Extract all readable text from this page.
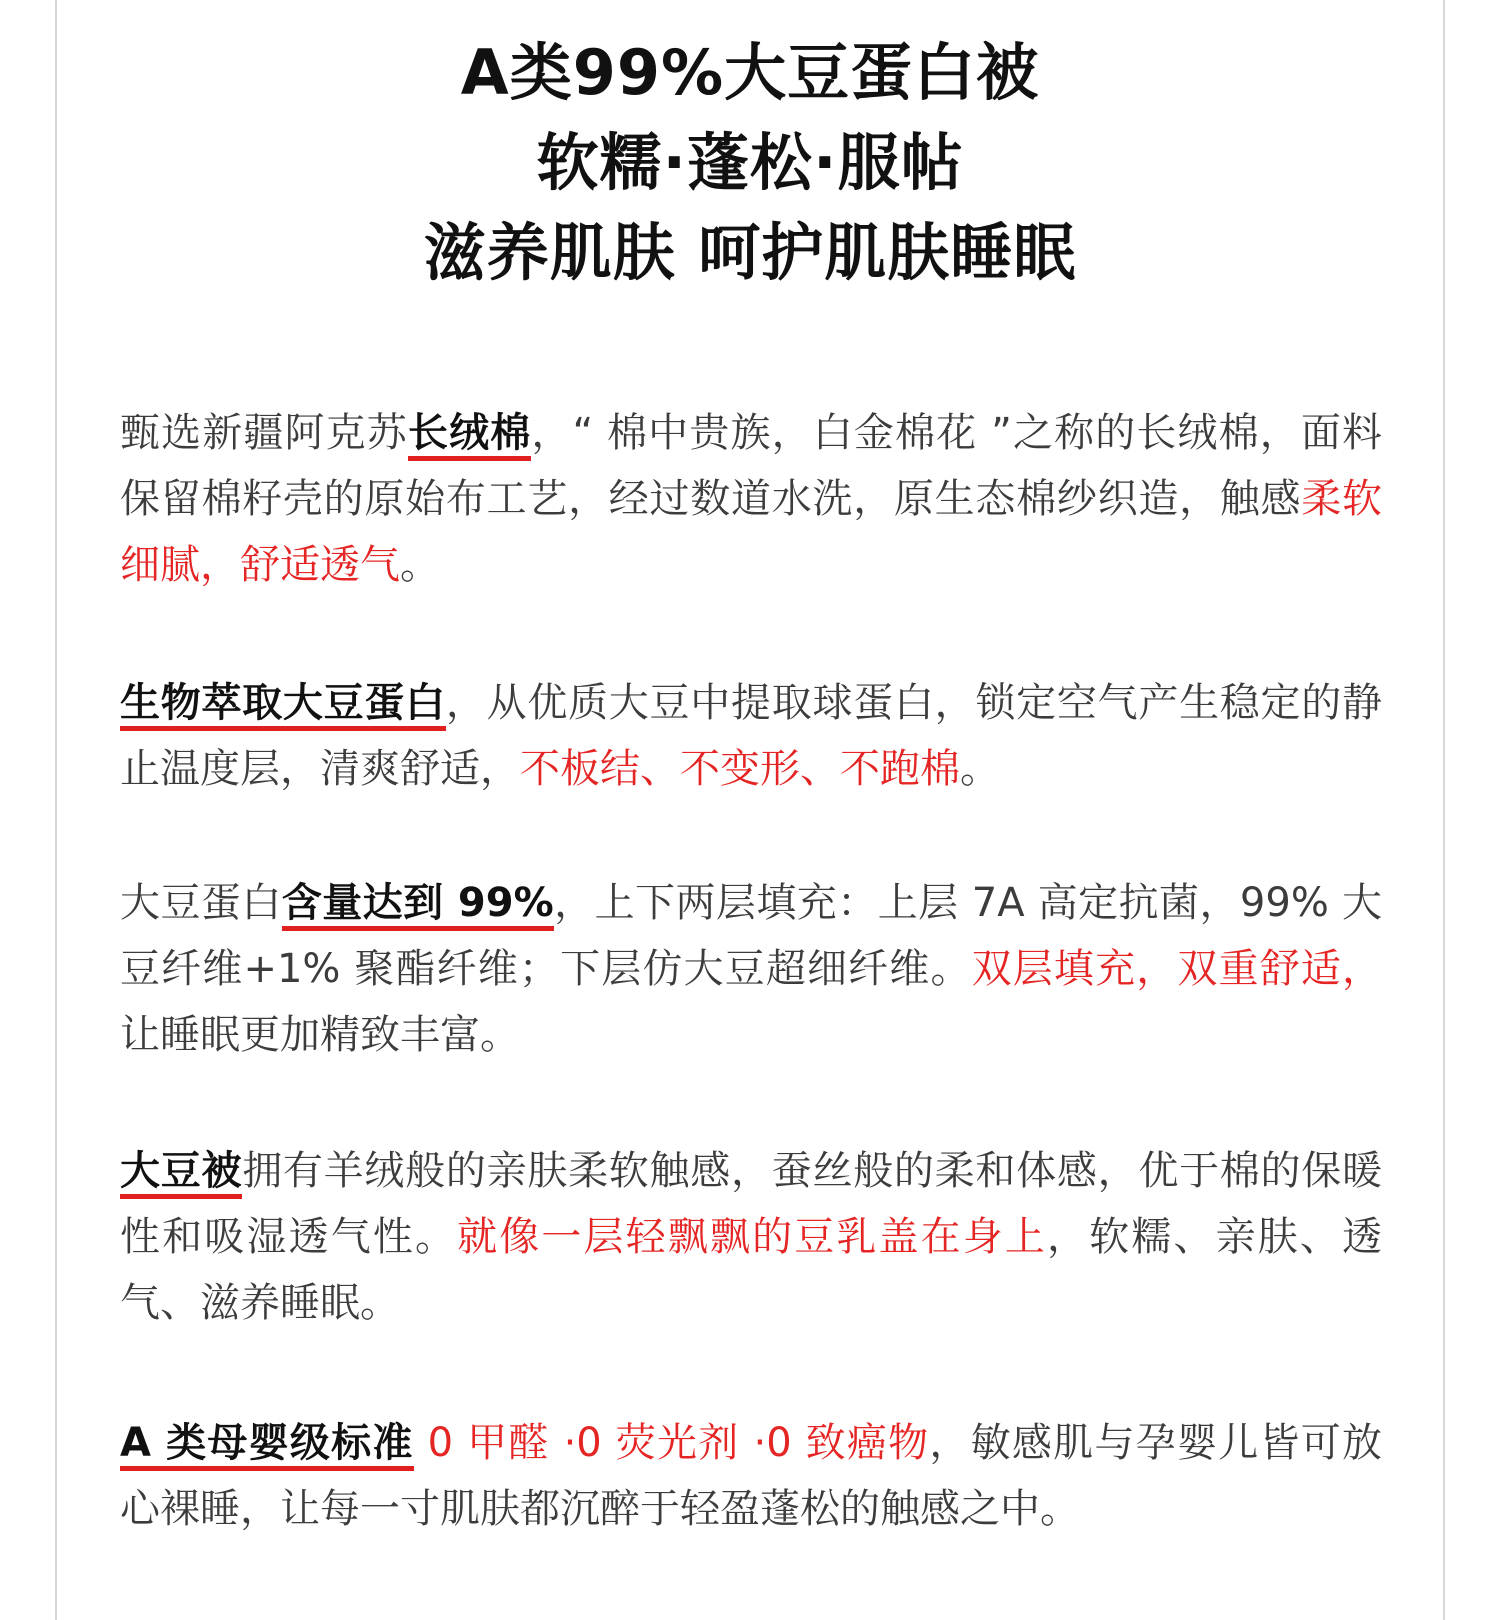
A类99%大豆蛋白被
软糯·蓬松·服帖
滋养肌肤 呵护肌肤睡眠
甄选新疆阿克苏长绒棉，“ 棉中贵族，白金棉花 ”之称的长绒棉，面料保留棉籽壳的原始布工艺，经过数道水洗，原生态棉纱织造，触感柔软细腻，舒适透气。
生物萃取大豆蛋白，从优质大豆中提取球蛋白，锁定空气产生稳定的静止温度层，清爽舒适，不板结、不变形、不跑棉。
大豆蛋白含量达到 99%，上下两层填充：上层 7A 高定抗菌，99% 大豆纤维+1% 聚酯纤维；下层仿大豆超细纤维。双层填充，双重舒适，让睡眠更加精致丰富。
大豆被拥有羊绒般的亲肤柔软触感，蚕丝般的柔和体感，优于棉的保暖性和吸湿透气性。就像一层轻飘飘的豆乳盖在身上，软糯、亲肤、透气、滋养睡眠。
A 类母婴级标准 0 甲醛 ·0 荧光剂 ·0 致癌物，敏感肌与孕婴儿皆可放心裸睡，让每一寸肌肤都沉醉于轻盈蓬松的触感之中。
